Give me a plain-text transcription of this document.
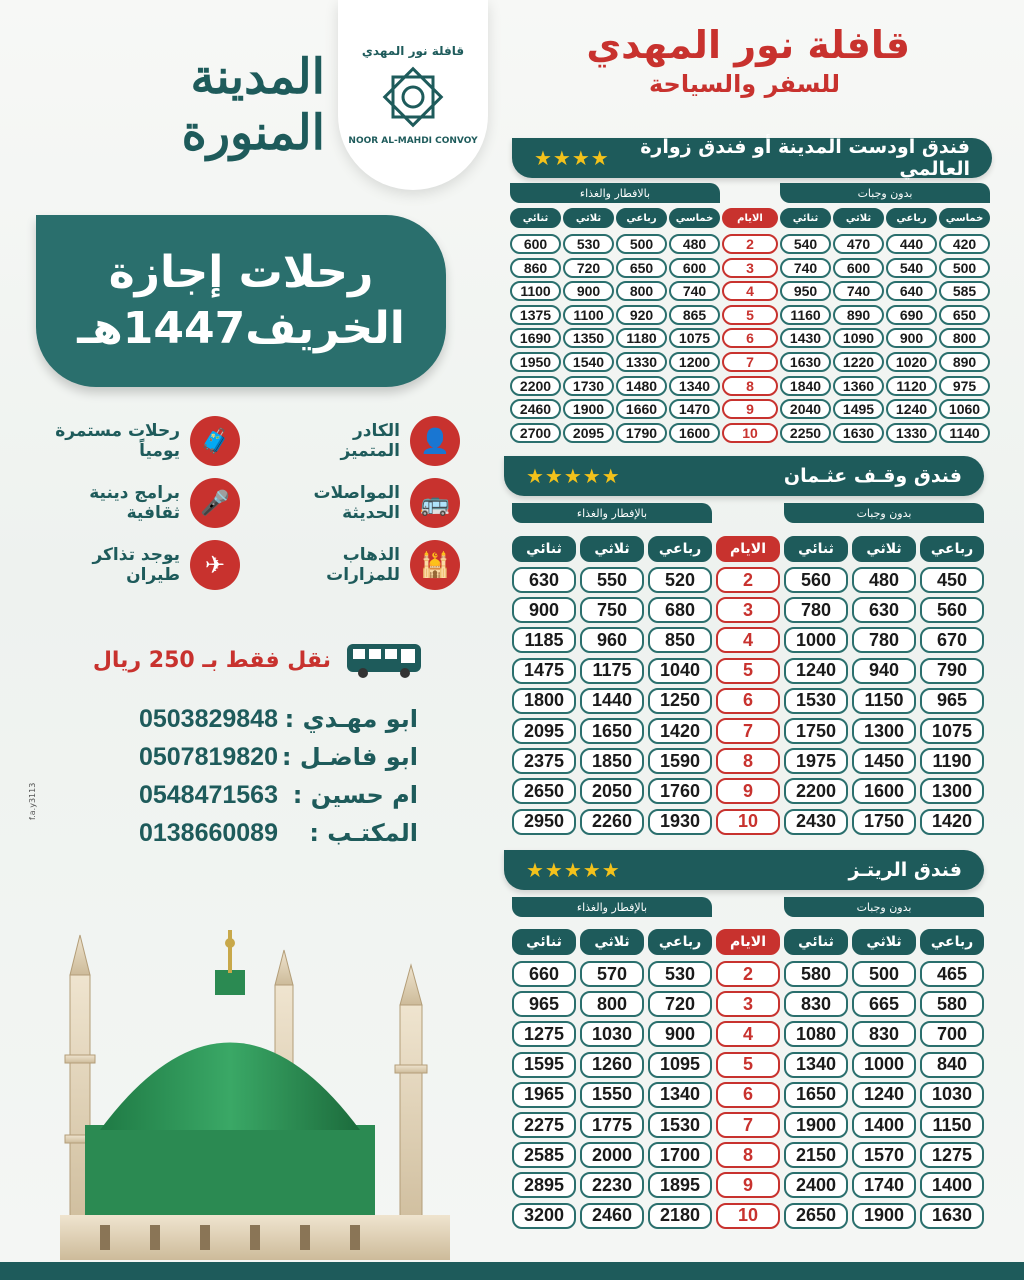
قافلة نور المهدي
NOOR AL-MAHDI CONVOY
المدينة المنورة
رحلات إجازة
الخريف1447هـ
👤
الكادر
المتميز
🧳
رحلات مستمرة
يومياً
🚌
المواصلات
الحديثة
🎤
برامج دينية
ثقافية
🕌
الذهاب
للمزارات
✈
يوجد تذاكر
طيران
نقل فقط بـ 250 ريال
ابو مهـدي :
0503829848
ابو فاضـل :
0507819820
ام حسين :
0548471563
المكتـب :
0138660089
f.a.y3113
قافلة نور المهدي
للسفر والسياحة
فندق اودست المدينة أو فندق زوارة العالمي
★★★★
بدون وجبات
بالافطار والغذاء
خماسي
رباعي
ثلاثي
ثنائي
الايام
خماسي
رباعي
ثلاثي
ثنائي
420
440
470
540
2
480
500
530
600
500
540
600
740
3
600
650
720
860
585
640
740
950
4
740
800
900
1100
650
690
890
1160
5
865
920
1100
1375
800
900
1090
1430
6
1075
1180
1350
1690
890
1020
1220
1630
7
1200
1330
1540
1950
975
1120
1360
1840
8
1340
1480
1730
2200
1060
1240
1495
2040
9
1470
1660
1900
2460
1140
1330
1630
2250
10
1600
1790
2095
2700
فندق وقـف عثـمان
★★★★★
بدون وجبات
بالإفطار والغذاء
رباعي
ثلاثي
ثنائي
الايام
رباعي
ثلاثي
ثنائي
450
480
560
2
520
550
630
560
630
780
3
680
750
900
670
780
1000
4
850
960
1185
790
940
1240
5
1040
1175
1475
965
1150
1530
6
1250
1440
1800
1075
1300
1750
7
1420
1650
2095
1190
1450
1975
8
1590
1850
2375
1300
1600
2200
9
1760
2050
2650
1420
1750
2430
10
1930
2260
2950
فندق الريتـز
★★★★★
بدون وجبات
بالإفطار والغذاء
رباعي
ثلاثي
ثنائي
الايام
رباعي
ثلاثي
ثنائي
465
500
580
2
530
570
660
580
665
830
3
720
800
965
700
830
1080
4
900
1030
1275
840
1000
1340
5
1095
1260
1595
1030
1240
1650
6
1340
1550
1965
1150
1400
1900
7
1530
1775
2275
1275
1570
2150
8
1700
2000
2585
1400
1740
2400
9
1895
2230
2895
1630
1900
2650
10
2180
2460
3200
